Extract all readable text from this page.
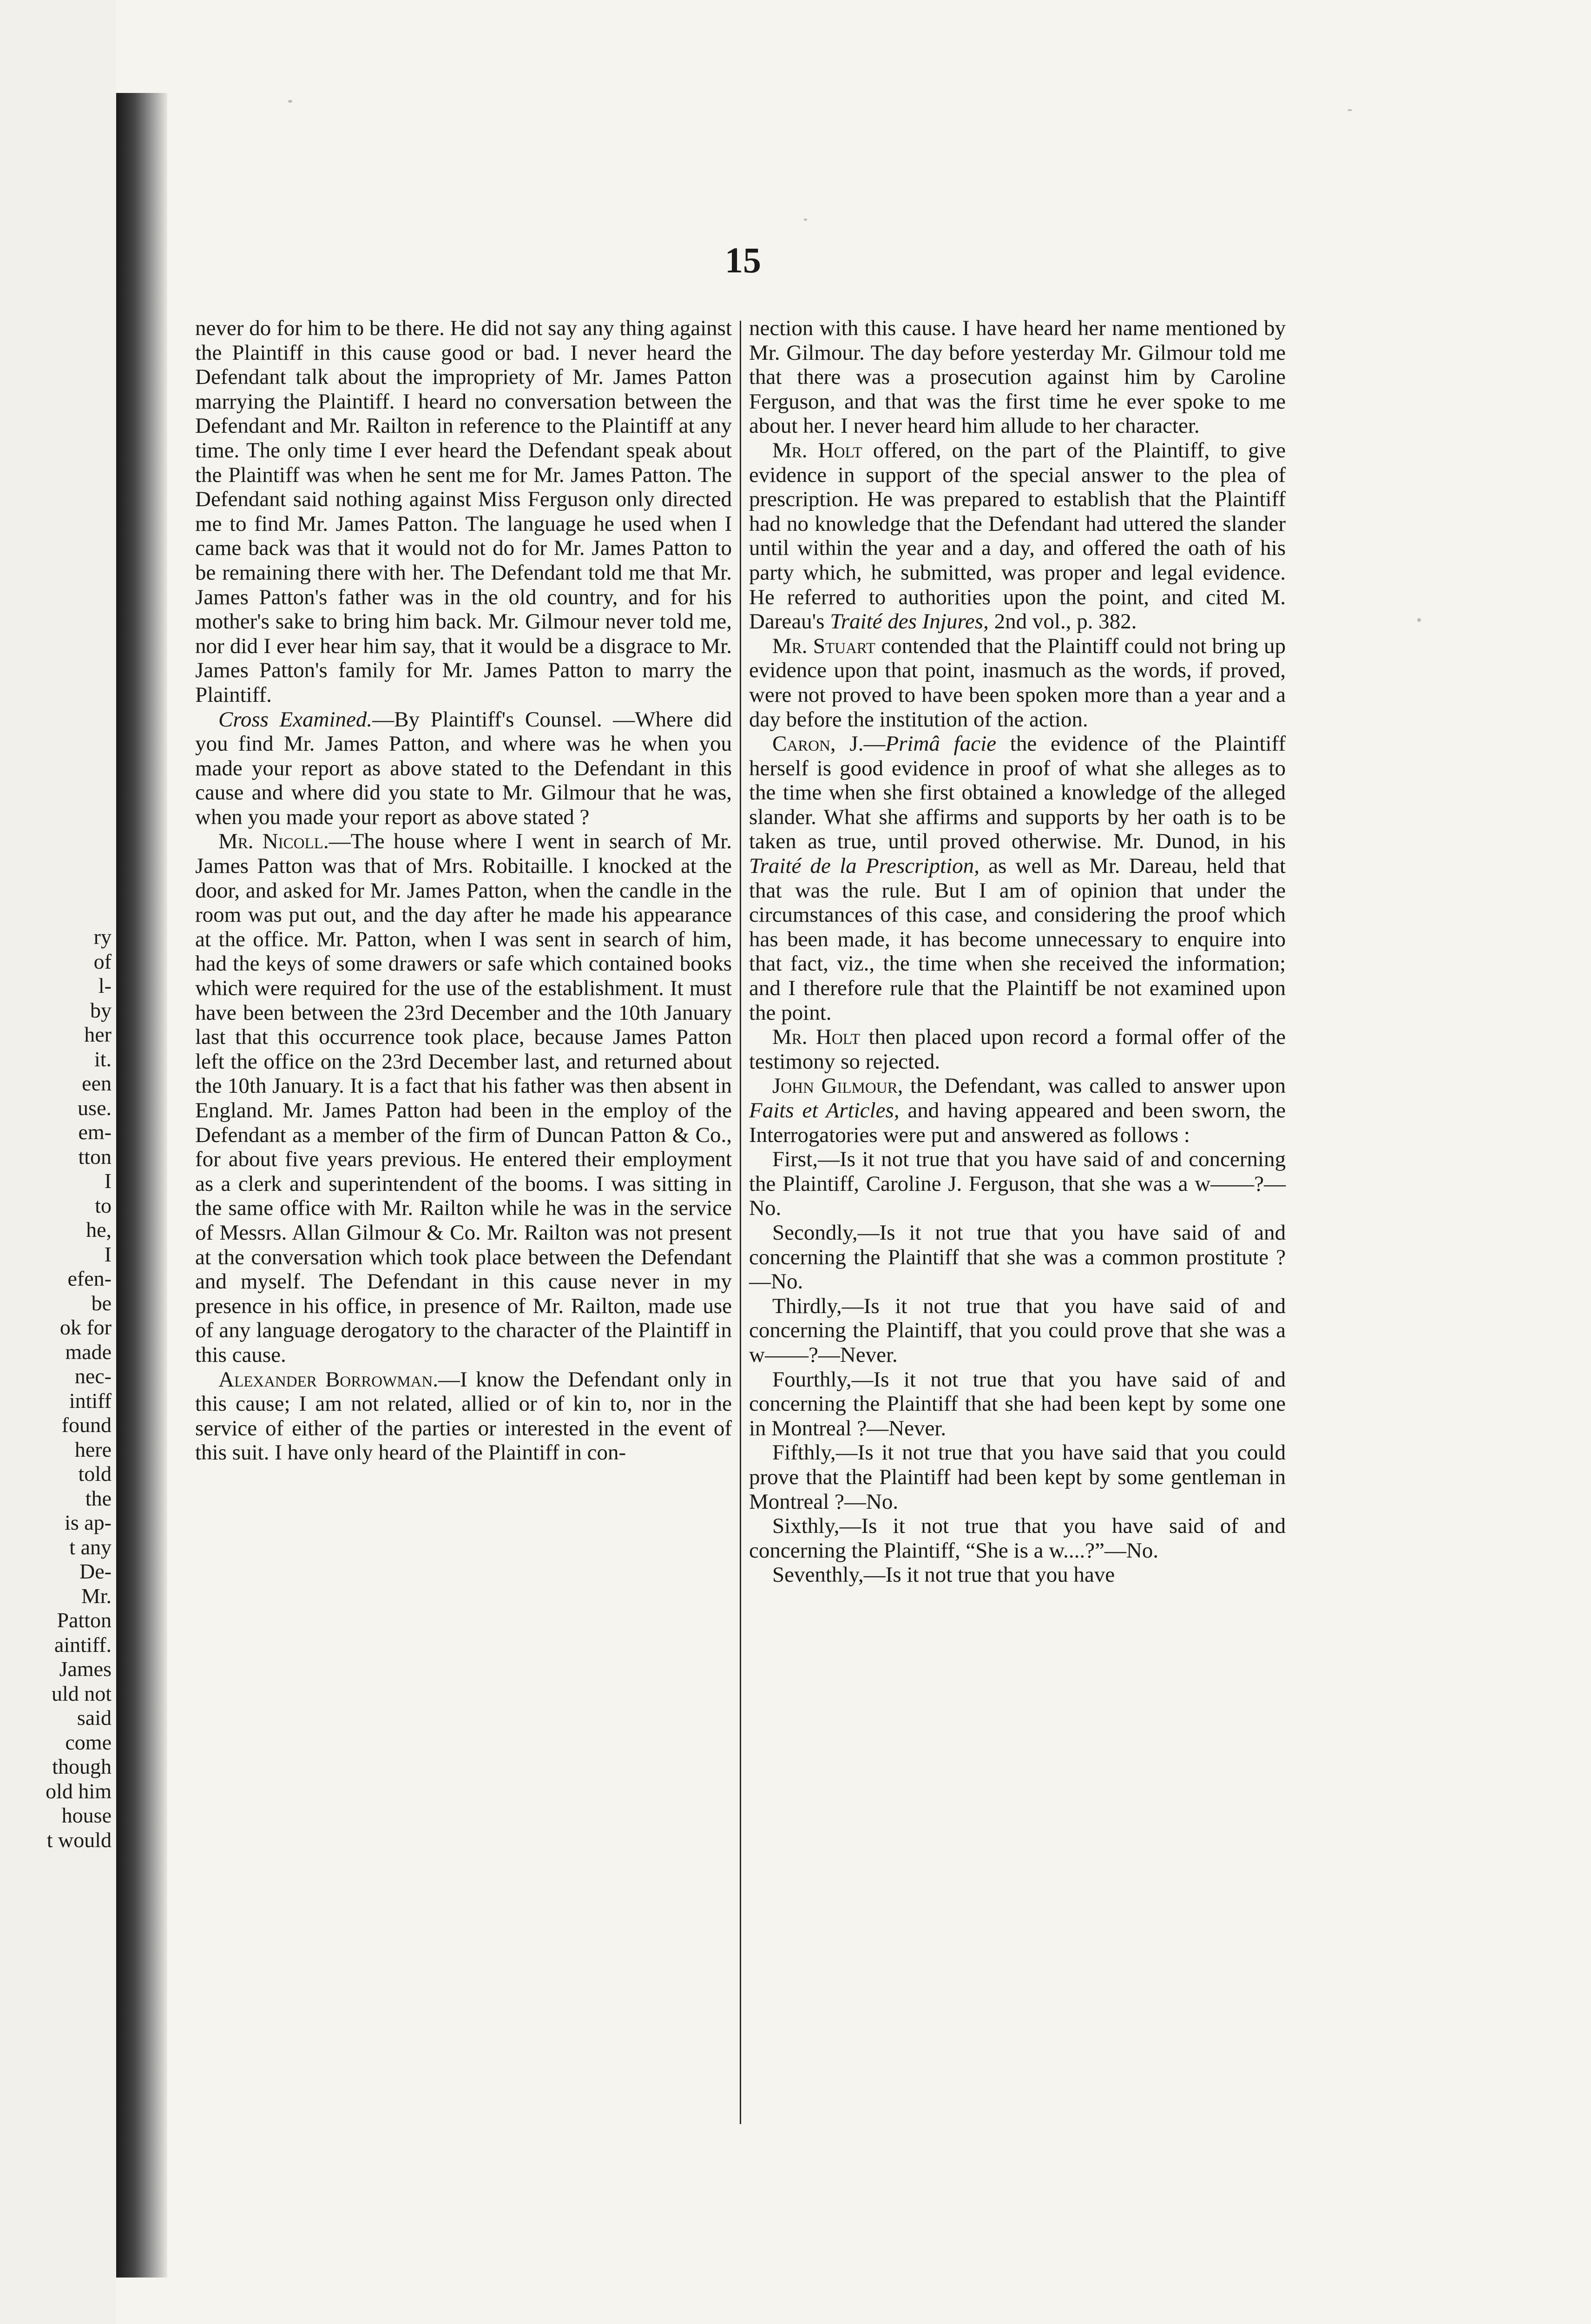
ry
of
l-
by
her
it.
een
use.
em-
tton
I
to
he,
I
efen-
be
ok for
made
nec-
intiff
found
here
told
the
is ap-
t any
De-
Mr.
Patton
aintiff.
James
uld not
said
come
though
old him
house
t would
15

never do for him to be there. He did not say any thing against the Plaintiff in this cause good or bad. I never heard the Defendant talk about the impropriety of Mr. James Patton marrying the Plaintiff. I heard no conversation between the Defendant and Mr. Railton in reference to the Plaintiff at any time. The only time I ever heard the Defendant speak about the Plaintiff was when he sent me for Mr. James Patton. The Defendant said nothing against Miss Ferguson only directed me to find Mr. James Patton. The language he used when I came back was that it would not do for Mr. James Patton to be remaining there with her. The Defendant told me that Mr. James Patton's father was in the old country, and for his mother's sake to bring him back. Mr. Gilmour never told me, nor did I ever hear him say, that it would be a disgrace to Mr. James Patton's family for Mr. James Patton to marry the Plaintiff.

Cross Examined.—By Plaintiff's Counsel. —Where did you find Mr. James Patton, and where was he when you made your report as above stated to the Defendant in this cause and where did you state to Mr. Gilmour that he was, when you made your report as above stated ?

Mr. Nicoll.—The house where I went in search of Mr. James Patton was that of Mrs. Robitaille. I knocked at the door, and asked for Mr. James Patton, when the candle in the room was put out, and the day after he made his appearance at the office. Mr. Patton, when I was sent in search of him, had the keys of some drawers or safe which contained books which were required for the use of the establishment. It must have been between the 23rd December and the 10th January last that this occurrence took place, because James Patton left the office on the 23rd December last, and returned about the 10th January. It is a fact that his father was then absent in England. Mr. James Patton had been in the employ of the Defendant as a member of the firm of Duncan Patton & Co., for about five years previous. He entered their employment as a clerk and superintendent of the booms. I was sitting in the same office with Mr. Railton while he was in the service of Messrs. Allan Gilmour & Co. Mr. Railton was not present at the conversation which took place between the Defendant and myself. The Defendant in this cause never in my presence in his office, in presence of Mr. Railton, made use of any language derogatory to the character of the Plaintiff in this cause.

Alexander Borrowman.—I know the Defendant only in this cause; I am not related, allied or of kin to, nor in the service of either of the parties or interested in the event of this suit. I have only heard of the Plaintiff in con-

nection with this cause. I have heard her name mentioned by Mr. Gilmour. The day before yesterday Mr. Gilmour told me that there was a prosecution against him by Caroline Ferguson, and that was the first time he ever spoke to me about her. I never heard him allude to her character.

Mr. Holt offered, on the part of the Plaintiff, to give evidence in support of the special answer to the plea of prescription. He was prepared to establish that the Plaintiff had no knowledge that the Defendant had uttered the slander until within the year and a day, and offered the oath of his party which, he submitted, was proper and legal evidence. He referred to authorities upon the point, and cited M. Dareau's Traité des Injures, 2nd vol., p. 382.

Mr. Stuart contended that the Plaintiff could not bring up evidence upon that point, inasmuch as the words, if proved, were not proved to have been spoken more than a year and a day before the institution of the action.

Caron, J.—Primâ facie the evidence of the Plaintiff herself is good evidence in proof of what she alleges as to the time when she first obtained a knowledge of the alleged slander. What she affirms and supports by her oath is to be taken as true, until proved otherwise. Mr. Dunod, in his Traité de la Prescription, as well as Mr. Dareau, held that that was the rule. But I am of opinion that under the circumstances of this case, and considering the proof which has been made, it has become unnecessary to enquire into that fact, viz., the time when she received the information; and I therefore rule that the Plaintiff be not examined upon the point.

Mr. Holt then placed upon record a formal offer of the testimony so rejected.

John Gilmour, the Defendant, was called to answer upon Faits et Articles, and having appeared and been sworn, the Interrogatories were put and answered as follows :

First,—Is it not true that you have said of and concerning the Plaintiff, Caroline J. Ferguson, that she was a w——?—No.

Secondly,—Is it not true that you have said of and concerning the Plaintiff that she was a common prostitute ?—No.

Thirdly,—Is it not true that you have said of and concerning the Plaintiff, that you could prove that she was a w——?—Never.

Fourthly,—Is it not true that you have said of and concerning the Plaintiff that she had been kept by some one in Montreal ?—Never.

Fifthly,—Is it not true that you have said that you could prove that the Plaintiff had been kept by some gentleman in Montreal ?—No.

Sixthly,—Is it not true that you have said of and concerning the Plaintiff, “She is a w....?”—No.

Seventhly,—Is it not true that you have
